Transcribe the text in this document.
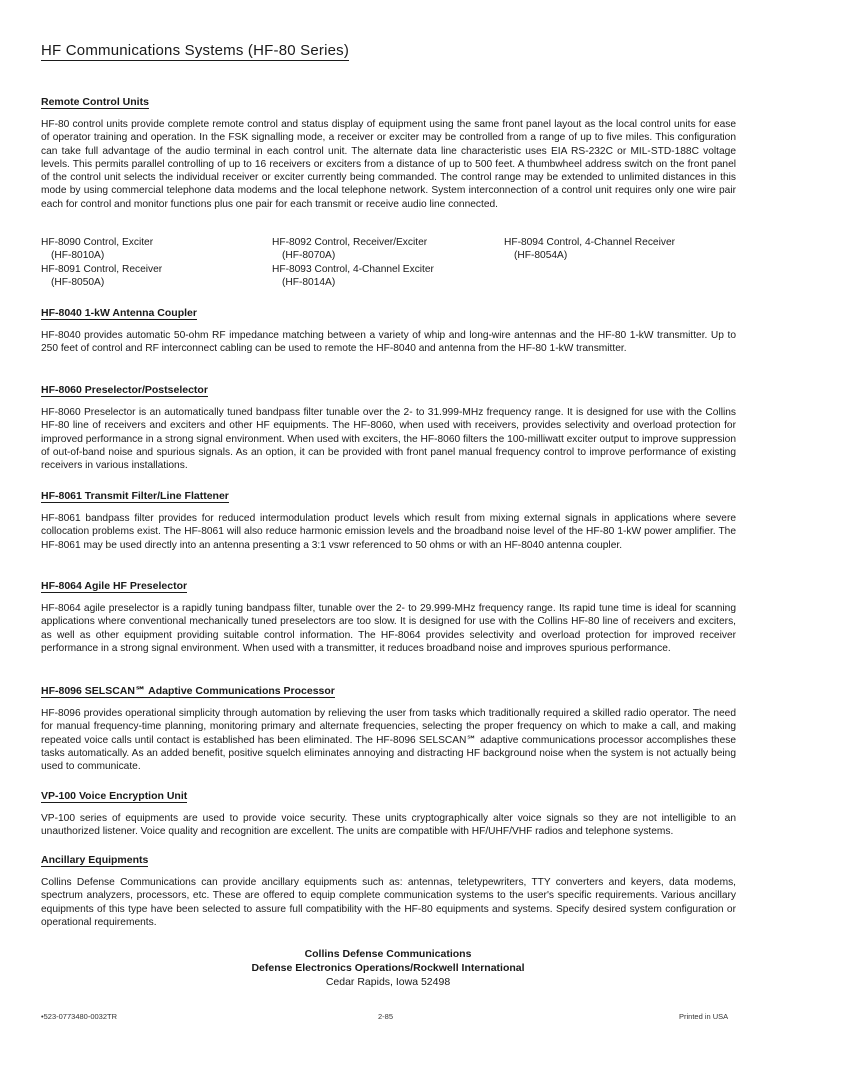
HF Communications Systems (HF-80 Series)
Remote Control Units

HF-80 control units provide complete remote control and status display of equipment using the same front panel layout as the local control units for ease of operator training and operation. In the FSK signalling mode, a receiver or exciter may be controlled from a range of up to five miles. This configuration can take full advantage of the audio terminal in each control unit. The alternate data line characteristic uses EIA RS-232C or MIL-STD-188C voltage levels. This permits parallel controlling of up to 16 receivers or exciters from a distance of up to 500 feet. A thumbwheel address switch on the front panel of the control unit selects the individual receiver or exciter currently being commanded. The control range may be extended to unlimited distances in this mode by using commercial telephone data modems and the local telephone network. System interconnection of a control unit requires only one wire pair each for control and monitor functions plus one pair for each transmit or receive audio line connected.

HF-8090 Control, Exciter
(HF-8010A)
HF-8092 Control, Receiver/Exciter
(HF-8070A)
HF-8094 Control, 4-Channel Receiver
(HF-8054A)
HF-8091 Control, Receiver
(HF-8050A)
HF-8093 Control, 4-Channel Exciter
(HF-8014A)
HF-8040 1-kW Antenna Coupler

HF-8040 provides automatic 50-ohm RF impedance matching between a variety of whip and long-wire antennas and the HF-80 1-kW transmitter. Up to 250 feet of control and RF interconnect cabling can be used to remote the HF-8040 and antenna from the HF-80 1-kW transmitter.

HF-8060 Preselector/Postselector

HF-8060 Preselector is an automatically tuned bandpass filter tunable over the 2- to 31.999-MHz frequency range. It is designed for use with the Collins HF-80 line of receivers and exciters and other HF equipments. The HF-8060, when used with receivers, provides selectivity and overload protection for improved performance in a strong signal environment. When used with exciters, the HF-8060 filters the 100-milliwatt exciter output to improve suppression of out-of-band noise and spurious signals. As an option, it can be provided with front panel manual frequency control to improve performance of existing receivers in various installations.

HF-8061 Transmit Filter/Line Flattener

HF-8061 bandpass filter provides for reduced intermodulation product levels which result from mixing external signals in applications where severe collocation problems exist. The HF-8061 will also reduce harmonic emission levels and the broadband noise level of the HF-80 1-kW power amplifier. The HF-8061 may be used directly into an antenna presenting a 3:1 vswr referenced to 50 ohms or with an HF-8040 antenna coupler.

HF-8064 Agile HF Preselector

HF-8064 agile preselector is a rapidly tuning bandpass filter, tunable over the 2- to 29.999-MHz frequency range. Its rapid tune time is ideal for scanning applications where conventional mechanically tuned preselectors are too slow. It is designed for use with the Collins HF-80 line of receivers and exciters, as well as other equipment providing suitable control information. The HF-8064 provides selectivity and overload protection for improved receiver performance in a strong signal environment. When used with a transmitter, it reduces broadband noise and improves spurious performance.

HF-8096 SELSCAN℠ Adaptive Communications Processor

HF-8096 provides operational simplicity through automation by relieving the user from tasks which traditionally required a skilled radio operator. The need for manual frequency-time planning, monitoring primary and alternate frequencies, selecting the proper frequency on which to make a call, and making repeated voice calls until contact is established has been eliminated. The HF-8096 SELSCAN℠ adaptive communications processor accomplishes these tasks automatically. As an added benefit, positive squelch eliminates annoying and distracting HF background noise when the system is not actually being used to communicate.

VP-100 Voice Encryption Unit

VP-100 series of equipments are used to provide voice security. These units cryptographically alter voice signals so they are not intelligible to an unauthorized listener. Voice quality and recognition are excellent. The units are compatible with HF/UHF/VHF radios and telephone systems.

Ancillary Equipments

Collins Defense Communications can provide ancillary equipments such as: antennas, teletypewriters, TTY converters and keyers, data modems, spectrum analyzers, processors, etc. These are offered to equip complete communication systems to the user's specific requirements. Various ancillary equipments of this type have been selected to assure full compatibility with the HF-80 equipments and systems. Specify desired system configuration or operational requirements.

Collins Defense Communications
Defense Electronics Operations/Rockwell International
Cedar Rapids, Iowa 52498
•523-0773480-0032TR	2-85	Printed in USA
